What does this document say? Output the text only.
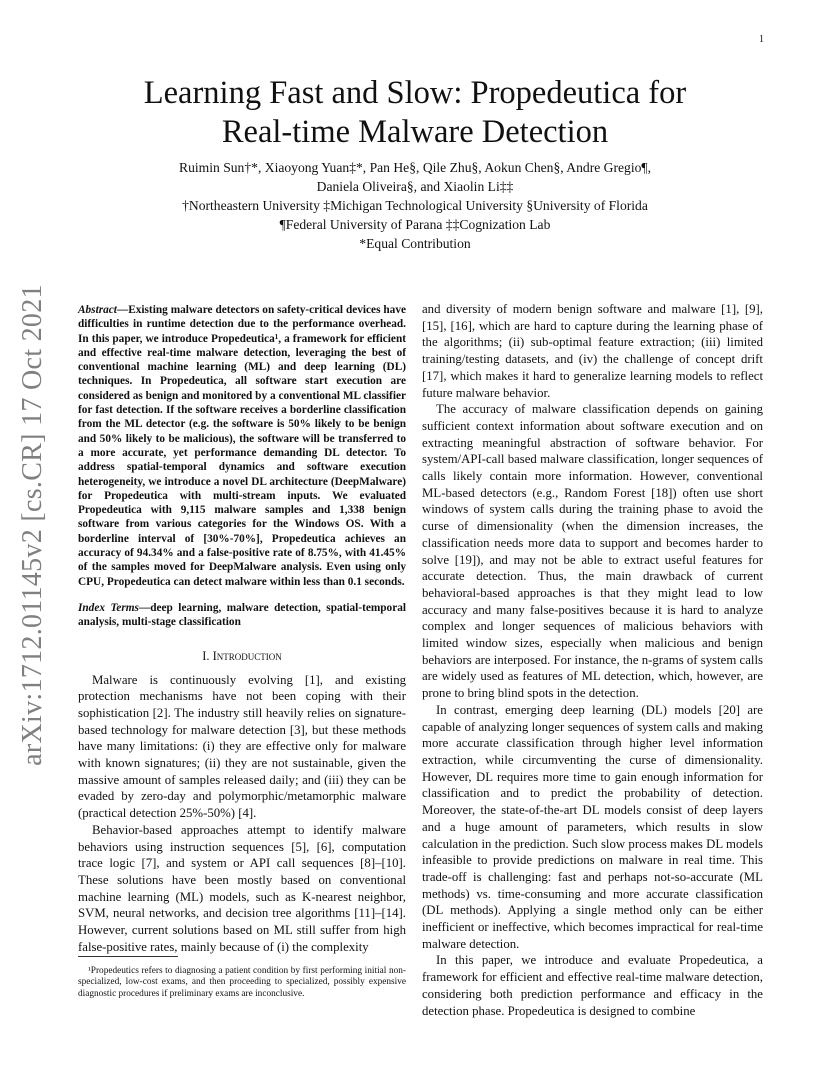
1
arXiv:1712.01145v2 [cs.CR] 17 Oct 2021
Learning Fast and Slow: Propedeutica for
Real-time Malware Detection
Ruimin Sun†*, Xiaoyong Yuan‡*, Pan He§, Qile Zhu§, Aokun Chen§, Andre Gregio¶,
Daniela Oliveira§, and Xiaolin Li‡‡
†Northeastern University ‡Michigan Technological University §University of Florida
¶Federal University of Parana ‡‡Cognization Lab
*Equal Contribution

Abstract—Existing malware detectors on safety-critical devices have difficulties in runtime detection due to the performance overhead. In this paper, we introduce Propedeutica¹, a framework for efficient and effective real-time malware detection, leveraging the best of conventional machine learning (ML) and deep learning (DL) techniques. In Propedeutica, all software start execution are considered as benign and monitored by a conventional ML classifier for fast detection. If the software receives a borderline classification from the ML detector (e.g. the software is 50% likely to be benign and 50% likely to be malicious), the software will be transferred to a more accurate, yet performance demanding DL detector. To address spatial-temporal dynamics and software execution heterogeneity, we introduce a novel DL architecture (DeepMalware) for Propedeutica with multi-stream inputs. We evaluated Propedeutica with 9,115 malware samples and 1,338 benign software from various categories for the Windows OS. With a borderline interval of [30%-70%], Propedeutica achieves an accuracy of 94.34% and a false-positive rate of 8.75%, with 41.45% of the samples moved for DeepMalware analysis. Even using only CPU, Propedeutica can detect malware within less than 0.1 seconds.

Index Terms—deep learning, malware detection, spatial-temporal analysis, multi-stage classification

I. Introduction

Malware is continuously evolving [1], and existing protection mechanisms have not been coping with their sophistication [2]. The industry still heavily relies on signature-based technology for malware detection [3], but these methods have many limitations: (i) they are effective only for malware with known signatures; (ii) they are not sustainable, given the massive amount of samples released daily; and (iii) they can be evaded by zero-day and polymorphic/metamorphic malware (practical detection 25%-50%) [4].

Behavior-based approaches attempt to identify malware behaviors using instruction sequences [5], [6], computation trace logic [7], and system or API call sequences [8]–[10]. These solutions have been mostly based on conventional machine learning (ML) models, such as K-nearest neighbor, SVM, neural networks, and decision tree algorithms [11]–[14]. However, current solutions based on ML still suffer from high false-positive rates, mainly because of (i) the complexity

¹Propedeutics refers to diagnosing a patient condition by first performing initial non-specialized, low-cost exams, and then proceeding to specialized, possibly expensive diagnostic procedures if preliminary exams are inconclusive.

and diversity of modern benign software and malware [1], [9], [15], [16], which are hard to capture during the learning phase of the algorithms; (ii) sub-optimal feature extraction; (iii) limited training/testing datasets, and (iv) the challenge of concept drift [17], which makes it hard to generalize learning models to reflect future malware behavior.

The accuracy of malware classification depends on gaining sufficient context information about software execution and on extracting meaningful abstraction of software behavior. For system/API-call based malware classification, longer sequences of calls likely contain more information. However, conventional ML-based detectors (e.g., Random Forest [18]) often use short windows of system calls during the training phase to avoid the curse of dimensionality (when the dimension increases, the classification needs more data to support and becomes harder to solve [19]), and may not be able to extract useful features for accurate detection. Thus, the main drawback of current behavioral-based approaches is that they might lead to low accuracy and many false-positives because it is hard to analyze complex and longer sequences of malicious behaviors with limited window sizes, especially when malicious and benign behaviors are interposed. For instance, the n-grams of system calls are widely used as features of ML detection, which, however, are prone to bring blind spots in the detection.

In contrast, emerging deep learning (DL) models [20] are capable of analyzing longer sequences of system calls and making more accurate classification through higher level information extraction, while circumventing the curse of dimensionality. However, DL requires more time to gain enough information for classification and to predict the probability of detection. Moreover, the state-of-the-art DL models consist of deep layers and a huge amount of parameters, which results in slow calculation in the prediction. Such slow process makes DL models infeasible to provide predictions on malware in real time. This trade-off is challenging: fast and perhaps not-so-accurate (ML methods) vs. time-consuming and more accurate classification (DL methods). Applying a single method only can be either inefficient or ineffective, which becomes impractical for real-time malware detection.

In this paper, we introduce and evaluate Propedeutica, a framework for efficient and effective real-time malware detection, considering both prediction performance and efficacy in the detection phase. Propedeutica is designed to combine
